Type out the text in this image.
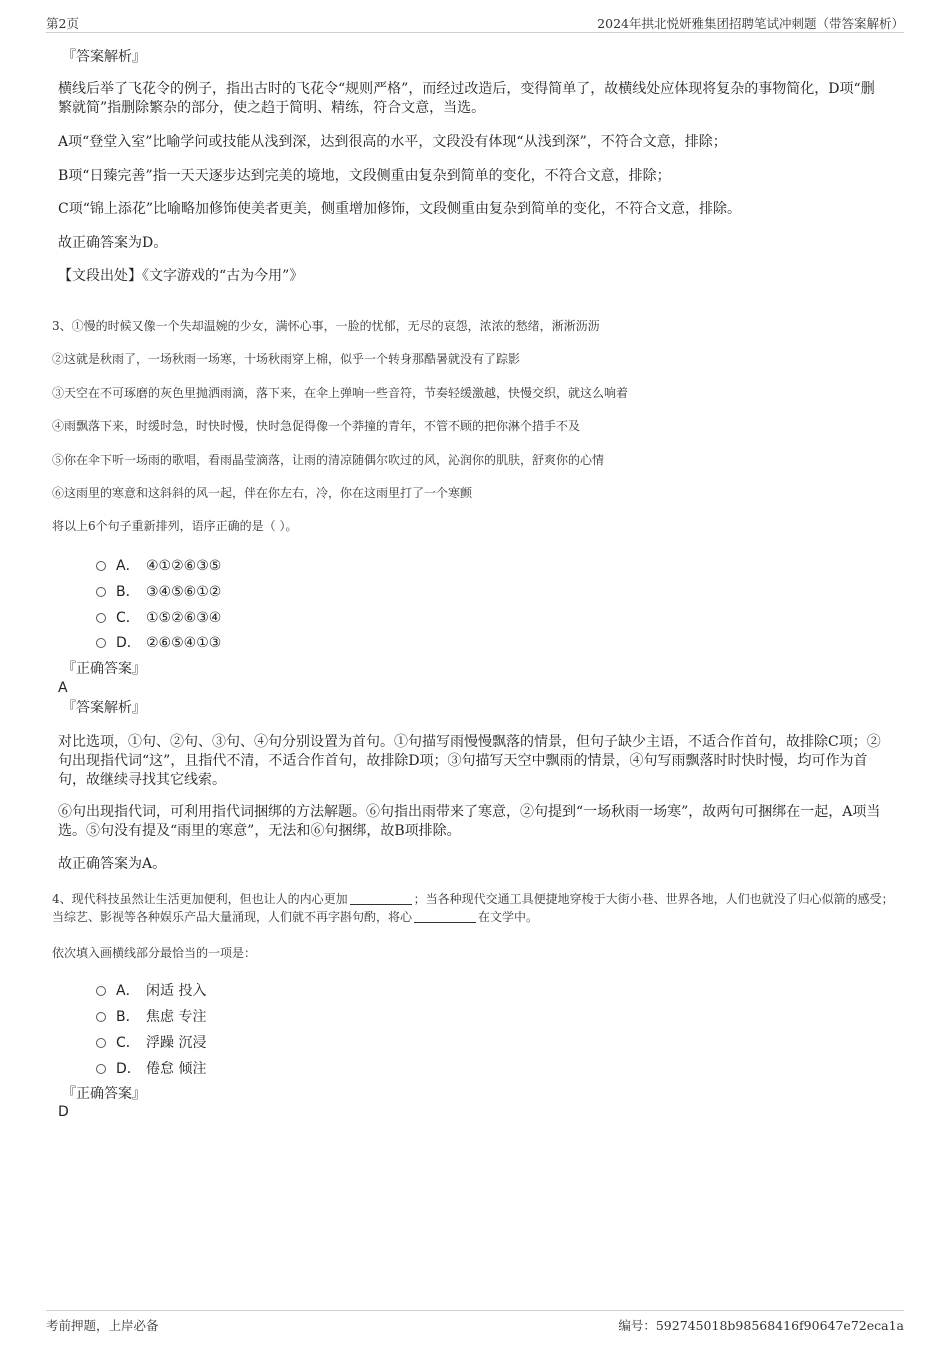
第2页	2024年拱北悦妍雅集团招聘笔试冲刺题（带答案解析）
『答案解析』
横线后举了飞花令的例子，指出古时的飞花令“规则严格”，而经过改造后，变得简单了，故横线处应体现将复杂的事物简化，D项“删繁就简”指删除繁杂的部分，使之趋于简明、精练，符合文意，当选。
A项“登堂入室”比喻学问或技能从浅到深，达到很高的水平，文段没有体现“从浅到深”，不符合文意，排除；
B项“日臻完善”指一天天逐步达到完美的境地，文段侧重由复杂到简单的变化，不符合文意，排除；
C项“锦上添花”比喻略加修饰使美者更美，侧重增加修饰，文段侧重由复杂到简单的变化，不符合文意，排除。
故正确答案为D。
【文段出处】《文字游戏的“古为今用”》
3、①慢的时候又像一个失却温婉的少女，满怀心事，一脸的忧郁，无尽的哀怨，浓浓的愁绪，淅淅沥沥
②这就是秋雨了，一场秋雨一场寒，十场秋雨穿上棉，似乎一个转身那酷暑就没有了踪影
③天空在不可琢磨的灰色里抛洒雨滴，落下来，在伞上弹响一些音符，节奏轻缓激越，快慢交织，就这么响着
④雨飘落下来，时缓时急，时快时慢，快时急促得像一个莽撞的青年，不管不顾的把你淋个措手不及
⑤你在伞下听一场雨的歌唱，看雨晶莹滴落，让雨的清凉随偶尔吹过的风，沁润你的肌肤，舒爽你的心情
⑥这雨里的寒意和这斜斜的风一起，伴在你左右，冷，你在这雨里打了一个寒颤
将以上6个句子重新排列，语序正确的是（ ）。
A． ④①②⑥③⑤
B． ③④⑤⑥①②
C． ①⑤②⑥③④
D． ②⑥⑤④①③
『正确答案』
A
『答案解析』
对比选项，①句、②句、③句、④句分别设置为首句。①句描写雨慢慢飘落的情景，但句子缺少主语，不适合作首句，故排除C项；②句出现指代词“这”，且指代不清，不适合作首句，故排除D项；③句描写天空中飘雨的情景，④句写雨飘落时时快时慢，均可作为首句，故继续寻找其它线索。
⑥句出现指代词，可利用指代词捆绑的方法解题。⑥句指出雨带来了寒意，②句提到“一场秋雨一场寒”，故两句可捆绑在一起，A项当选。⑤句没有提及“雨里的寒意”，无法和⑥句捆绑，故B项排除。
故正确答案为A。
4、现代科技虽然让生活更加便利，但也让人的内心更加	；当各种现代交通工具便捷地穿梭于大街小巷、世界各地，人们也就没了归心似箭的感受；当综艺、影视等各种娱乐产品大量涌现，人们就不再字斟句酌，将心	在文学中。
依次填入画横线部分最恰当的一项是：
A． 闲适 投入
B． 焦虑 专注
C． 浮躁 沉浸
D． 倦怠 倾注
『正确答案』
D
考前押题，上岸必备	编号：592745018b98568416f90647e72eca1a
